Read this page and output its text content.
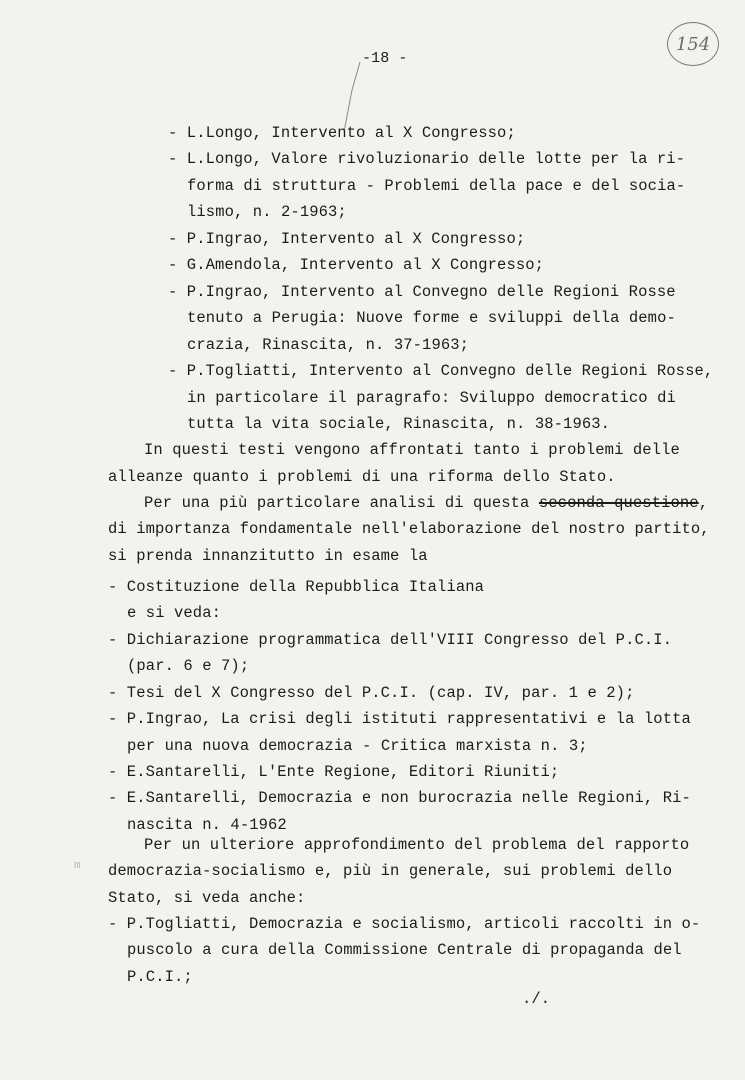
-18 -
154
m
- L.Longo, Intervento al X Congresso;
- L.Longo, Valore rivoluzionario delle lotte per la ri-
forma di struttura - Problemi della pace e del socia-
lismo, n. 2-1963;
- P.Ingrao, Intervento al X Congresso;
- G.Amendola, Intervento al X Congresso;
- P.Ingrao, Intervento al Convegno delle Regioni Rosse
tenuto a Perugia: Nuove forme e sviluppi della demo-
crazia, Rinascita, n. 37-1963;
- P.Togliatti, Intervento al Convegno delle Regioni Rosse,
in particolare il paragrafo: Sviluppo democratico di
tutta la vita sociale, Rinascita, n. 38-1963.
In questi testi vengono affrontati tanto i problemi delle
alleanze quanto i problemi di una riforma dello Stato.
Per una più particolare analisi di questa seconda questione,
di importanza fondamentale nell'elaborazione del nostro partito,
si prenda innanzitutto in esame la
- Costituzione della Repubblica Italiana
e si veda:
- Dichiarazione programmatica dell'VIII Congresso del P.C.I.
(par. 6 e 7);
- Tesi del X Congresso del P.C.I. (cap. IV, par. 1 e 2);
- P.Ingrao, La crisi degli istituti rappresentativi e la lotta
per una nuova democrazia - Critica marxista n. 3;
- E.Santarelli, L'Ente Regione, Editori Riuniti;
- E.Santarelli, Democrazia e non burocrazia nelle Regioni, Ri-
nascita n. 4-1962
Per un ulteriore approfondimento del problema del rapporto
democrazia-socialismo e, più in generale, sui problemi dello
Stato, si veda anche:
- P.Togliatti, Democrazia e socialismo, articoli raccolti in o-
puscolo a cura della Commissione Centrale di propaganda del
P.C.I.;
./.
